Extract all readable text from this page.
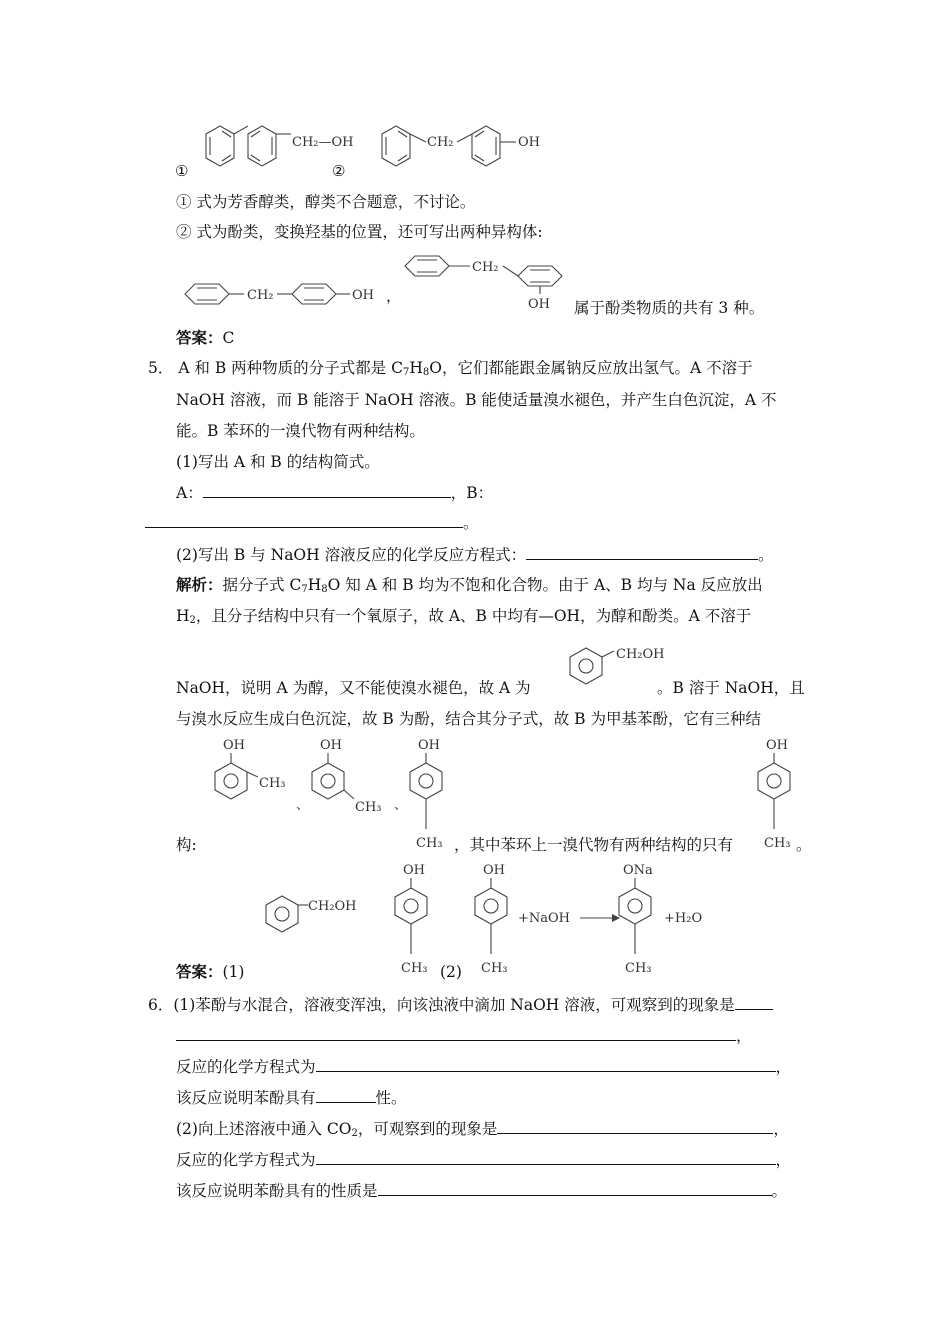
CH₂—OH
①	②
CH₂	OH
① 式为芳香醇类，醇类不合题意，不讨论。
② 式为酚类，变换羟基的位置，还可写出两种异构体:
CH₂	OH ，
CH₂
OH 属于酚类物质的共有 3 种。
答案：C
5． A 和 B 两种物质的分子式都是 $C_7H_8O$，它们都能跟金属钠反应放出氢气。A 不溶于
NaOH 溶液，而 B 能溶于 NaOH 溶液。B 能使适量溴水褪色，并产生白色沉淀，A 不
能。B 苯环的一溴代物有两种结构。
(1)写出 A 和 B 的结构简式。
A：	，B：
。
(2)写出 B 与 NaOH 溶液反应的化学反应方程式：	。
解析：据分子式 $C_7H_8O$ 知 A 和 B 均为不饱和化合物。由于 A、B 均与 Na 反应放出
$H_2$，且分子结构中只有一个氧原子，故 A、B 中均有—OH，为醇和酚类。A 不溶于
CH₂OH
NaOH，说明 A 为醇，又不能使溴水褪色，故 A 为	。B 溶于 NaOH，且
与溴水反应生成白色沉淀，故 B 为酚，结合其分子式，故 B 为甲基苯酚，它有三种结
OH
CH₃
、
OH
CH₃ 、
OH
CH₃
OH
CH₃
构:	，其中苯环上一溴代物有两种结构的只有	。
CH₂OH
OH
CH₃
OH
CH₃
+NaOH
ONa
CH₃
+H₂O
答案：(1)	(2)
6．(1)苯酚与水混合，溶液变浑浊，向该浊液中滴加 NaOH 溶液，可观察到的现象是
，
反应的化学方程式为	，
该反应说明苯酚具有	性。
(2)向上述溶液中通入 $CO_2$，可观察到的现象是	，
反应的化学方程式为	，
该反应说明苯酚具有的性质是	。
